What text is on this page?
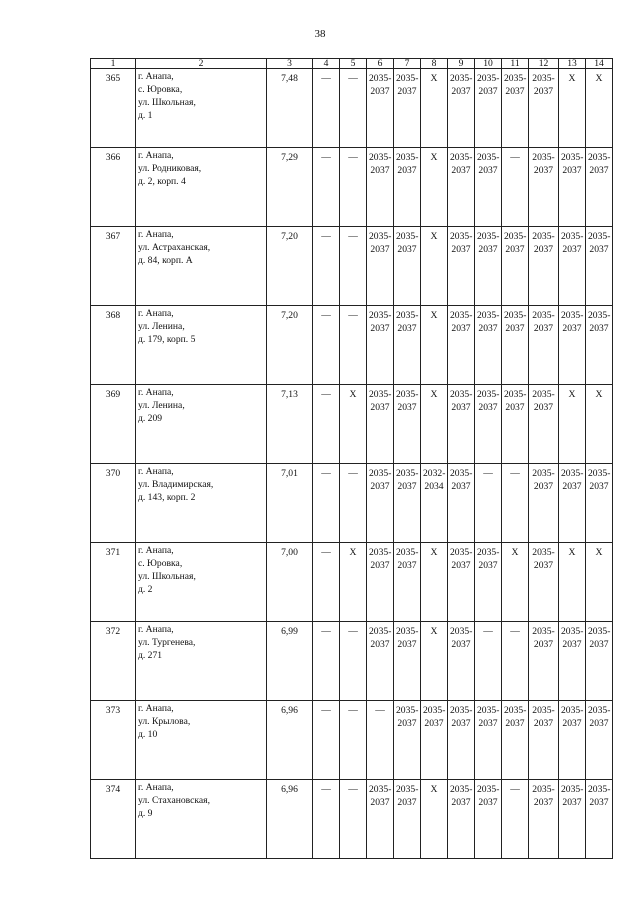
38
1	2	3	4	5	6	7	8	9	10	11	12	13	14
365	г. Анапа,
с. Юровка,
ул. Школьная,
д. 1	7,48	—	—	2035-2037	2035-2037	X	2035-2037	2035-2037	2035-2037	2035-2037	X	X
366	г. Анапа,
ул. Родниковая,
д. 2, корп. 4	7,29	—	—	2035-2037	2035-2037	X	2035-2037	2035-2037	—	2035-2037	2035-2037	2035-2037
367	г. Анапа,
ул. Астраханская,
д. 84, корп. А	7,20	—	—	2035-2037	2035-2037	X	2035-2037	2035-2037	2035-2037	2035-2037	2035-2037	2035-2037
368	г. Анапа,
ул. Ленина,
д. 179, корп. 5	7,20	—	—	2035-2037	2035-2037	X	2035-2037	2035-2037	2035-2037	2035-2037	2035-2037	2035-2037
369	г. Анапа,
ул. Ленина,
д. 209	7,13	—	X	2035-2037	2035-2037	X	2035-2037	2035-2037	2035-2037	2035-2037	X	X
370	г. Анапа,
ул. Владимирская,
д. 143, корп. 2	7,01	—	—	2035-2037	2035-2037	2032-2034	2035-2037	—	—	2035-2037	2035-2037	2035-2037
371	г. Анапа,
с. Юровка,
ул. Школьная,
д. 2	7,00	—	X	2035-2037	2035-2037	X	2035-2037	2035-2037	X	2035-2037	X	X
372	г. Анапа,
ул. Тургенева,
д. 271	6,99	—	—	2035-2037	2035-2037	X	2035-2037	—	—	2035-2037	2035-2037	2035-2037
373	г. Анапа,
ул. Крылова,
д. 10	6,96	—	—	—	2035-2037	2035-2037	2035-2037	2035-2037	2035-2037	2035-2037	2035-2037	2035-2037
374	г. Анапа,
ул. Стахановская,
д. 9	6,96	—	—	2035-2037	2035-2037	X	2035-2037	2035-2037	—	2035-2037	2035-2037	2035-2037
